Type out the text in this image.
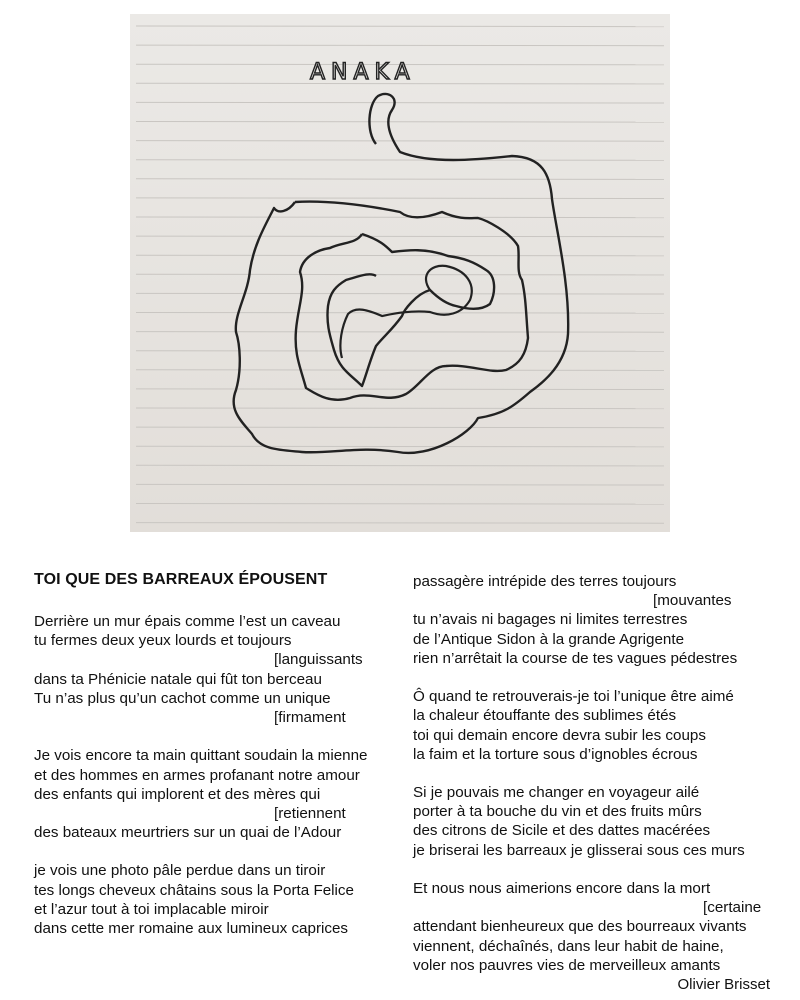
ANAKA
TOI QUE DES BARREAUX ÉPOUSENT
Derrière un mur épais comme l’est un caveau
tu fermes deux yeux lourds et toujours
[languissants
dans ta Phénicie natale qui fût ton berceau
Tu n’as plus qu’un cachot comme un unique
[firmament
Je vois encore ta main quittant soudain la mienne
et des hommes en armes profanant notre amour
des enfants qui implorent et des mères qui
[retiennent
des bateaux meurtriers sur un quai de l’Adour
je vois une photo pâle perdue dans un tiroir
tes longs cheveux châtains sous la Porta Felice
et l’azur tout à toi implacable miroir
dans cette mer romaine aux lumineux caprices
passagère intrépide des terres toujours
[mouvantes
tu n’avais ni bagages ni limites terrestres
de l’Antique Sidon à la grande Agrigente
rien n’arrêtait la course de tes vagues pédestres
Ô quand te retrouverais-je toi l’unique être aimé
la chaleur étouffante des sublimes étés
toi qui demain encore devra subir les coups
la faim et la torture sous d’ignobles écrous
Si je pouvais me changer en voyageur ailé
porter à ta bouche du vin et des fruits mûrs
des citrons de Sicile et des dattes macérées
je briserai les barreaux je glisserai sous ces murs
Et nous nous aimerions encore dans la mort
[certaine
attendant bienheureux que des bourreaux vivants
viennent, déchaînés, dans leur habit de haine,
voler nos pauvres vies de merveilleux amants
Olivier Brisset
